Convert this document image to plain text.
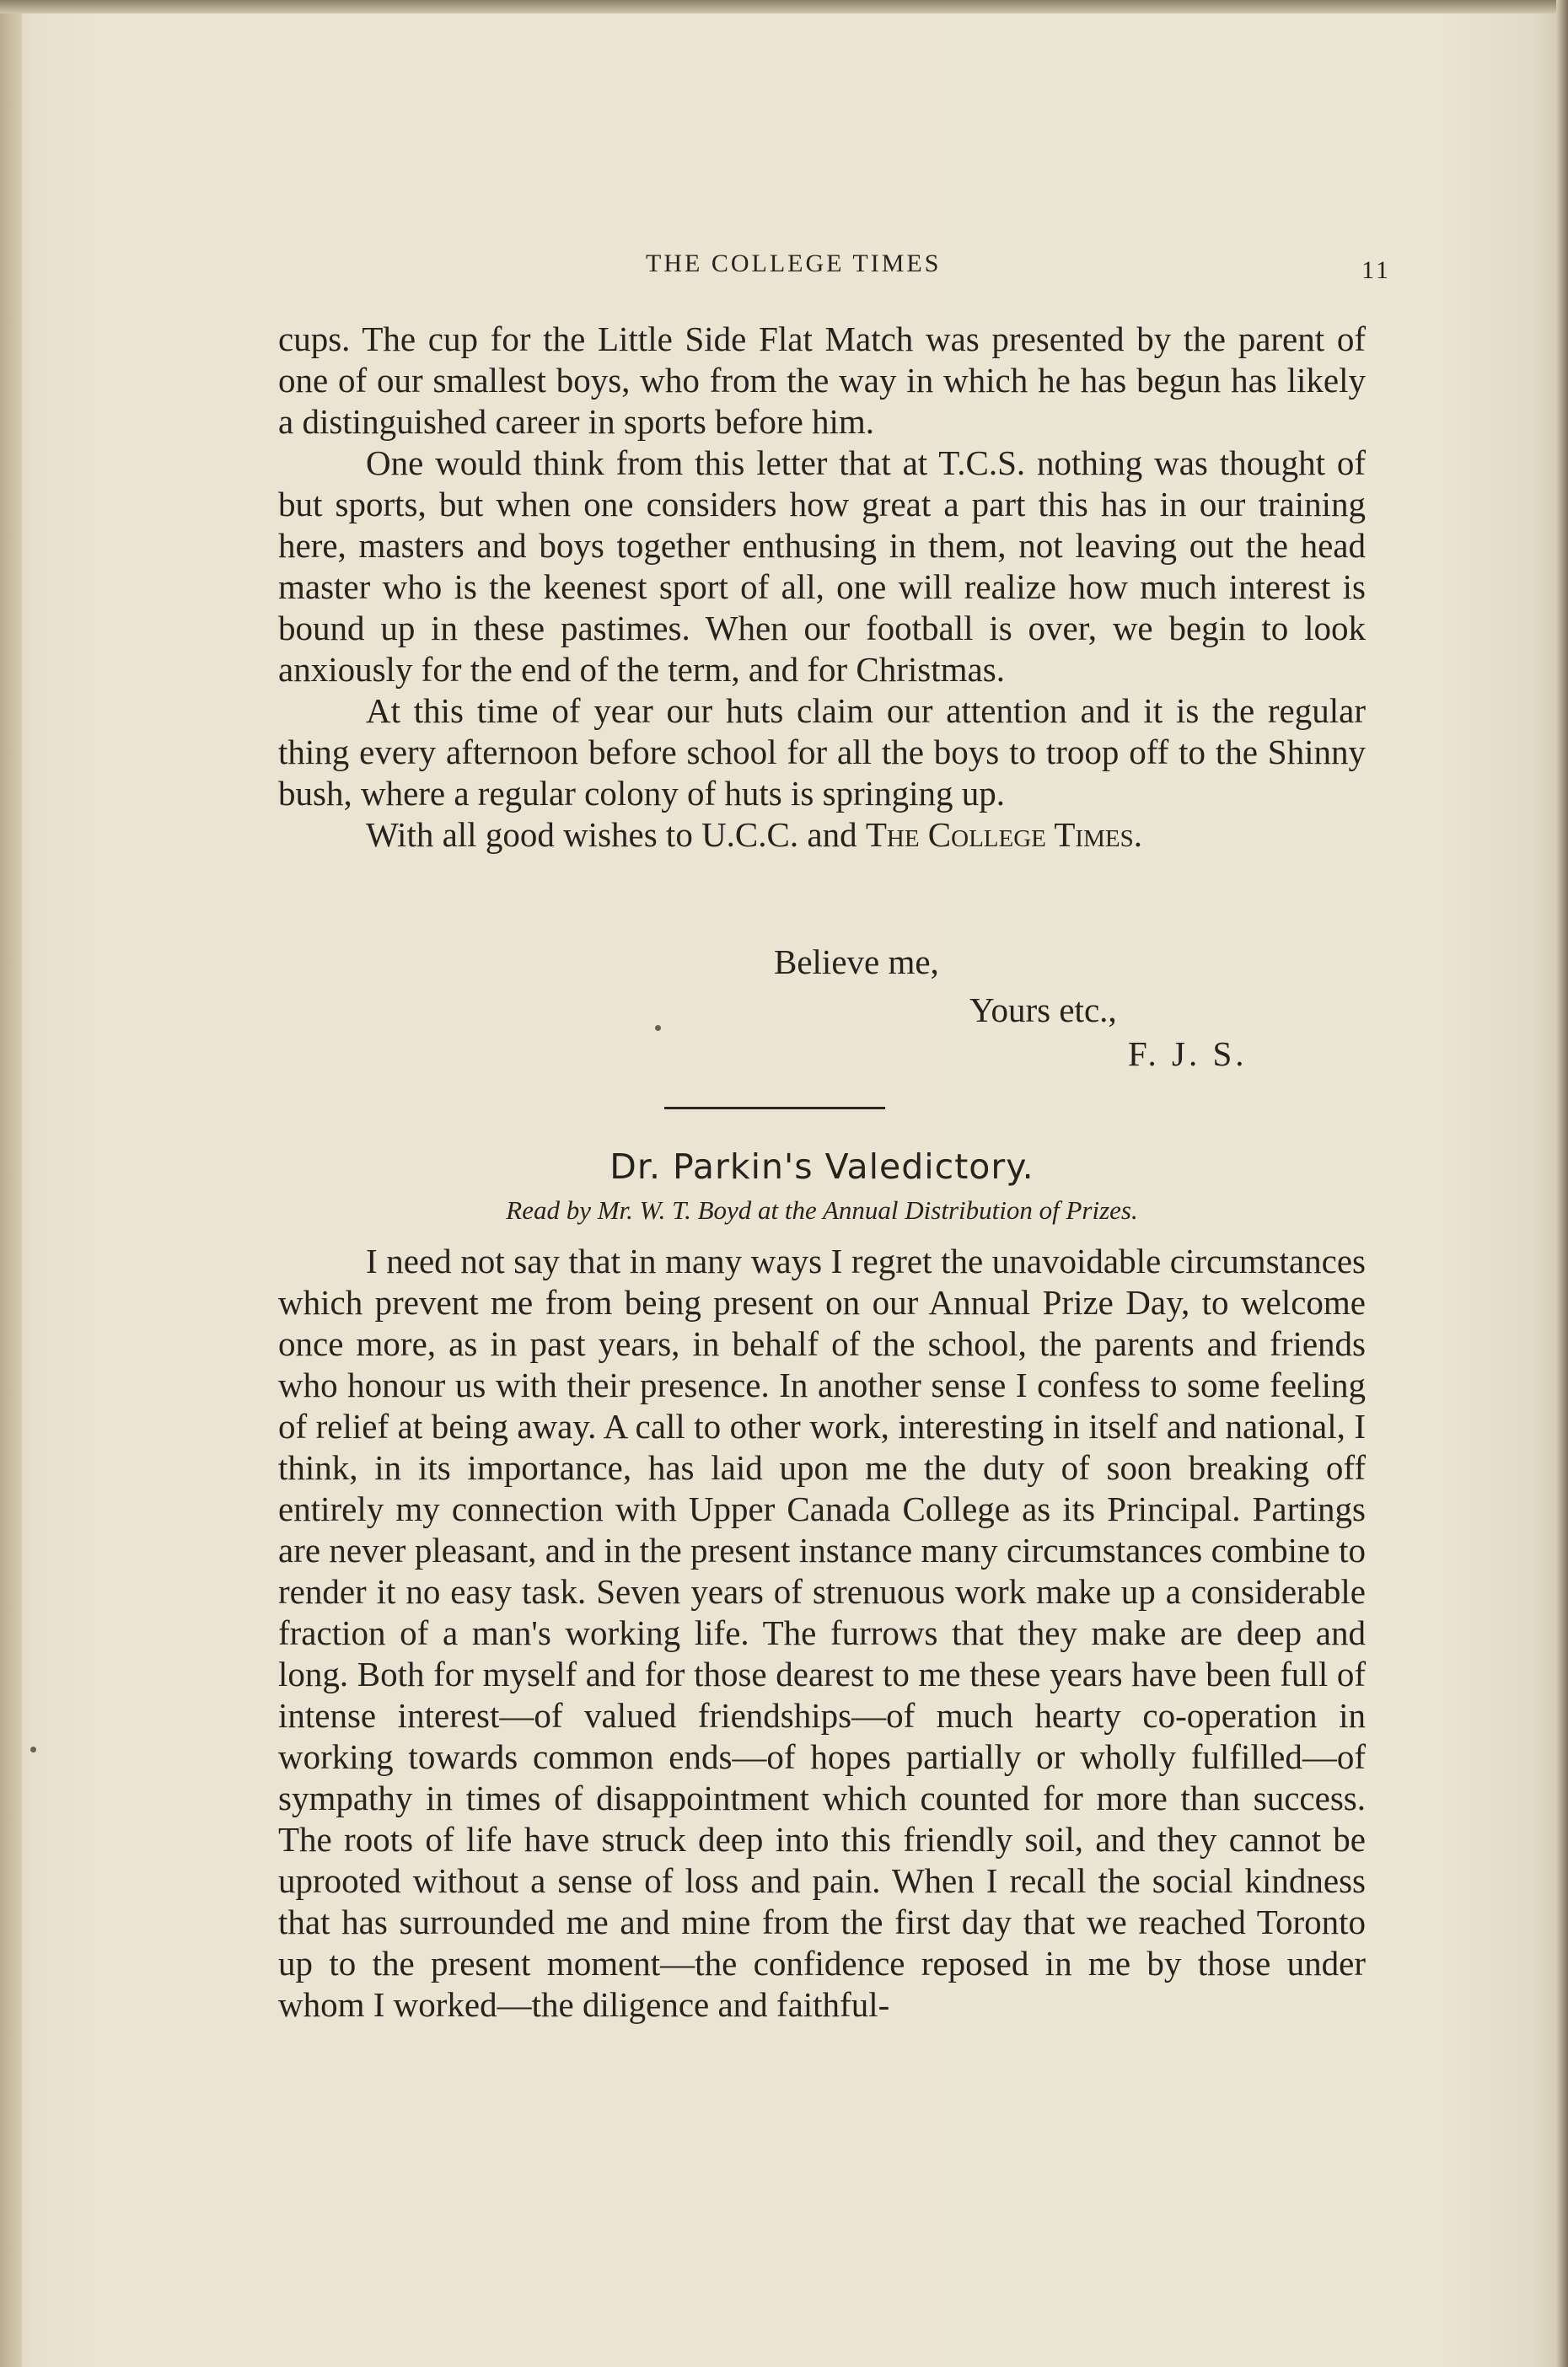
THE COLLEGE TIMES	11

cups. The cup for the Little Side Flat Match was presented by the parent of one of our smallest boys, who from the way in which he has begun has likely a distinguished career in sports before him.

One would think from this letter that at T.C.S. nothing was thought of but sports, but when one considers how great a part this has in our training here, masters and boys together enthusing in them, not leaving out the head master who is the keenest sport of all, one will realize how much interest is bound up in these pastimes. When our football is over, we begin to look anxiously for the end of the term, and for Christmas.

At this time of year our huts claim our attention and it is the regular thing every afternoon before school for all the boys to troop off to the Shinny bush, where a regular colony of huts is springing up.

With all good wishes to U.C.C. and The College Times.

Believe me,
Yours etc.,
F. J. S.
Dr. Parkin's Valedictory.
Read by Mr. W. T. Boyd at the Annual Distribution of Prizes.

I need not say that in many ways I regret the unavoidable circumstances which prevent me from being present on our Annual Prize Day, to welcome once more, as in past years, in behalf of the school, the parents and friends who honour us with their presence. In another sense I confess to some feeling of relief at being away. A call to other work, interesting in itself and national, I think, in its importance, has laid upon me the duty of soon breaking off entirely my connection with Upper Canada College as its Principal. Partings are never pleasant, and in the present instance many circumstances combine to render it no easy task. Seven years of strenuous work make up a considerable fraction of a man's working life. The furrows that they make are deep and long. Both for myself and for those dearest to me these years have been full of intense interest—of valued friendships—of much hearty co-operation in working towards common ends—of hopes partially or wholly fulfilled—of sympathy in times of disappointment which counted for more than success. The roots of life have struck deep into this friendly soil, and they cannot be uprooted without a sense of loss and pain. When I recall the social kindness that has surrounded me and mine from the first day that we reached Toronto up to the present moment—the confidence reposed in me by those under whom I worked—the diligence and faithful-
